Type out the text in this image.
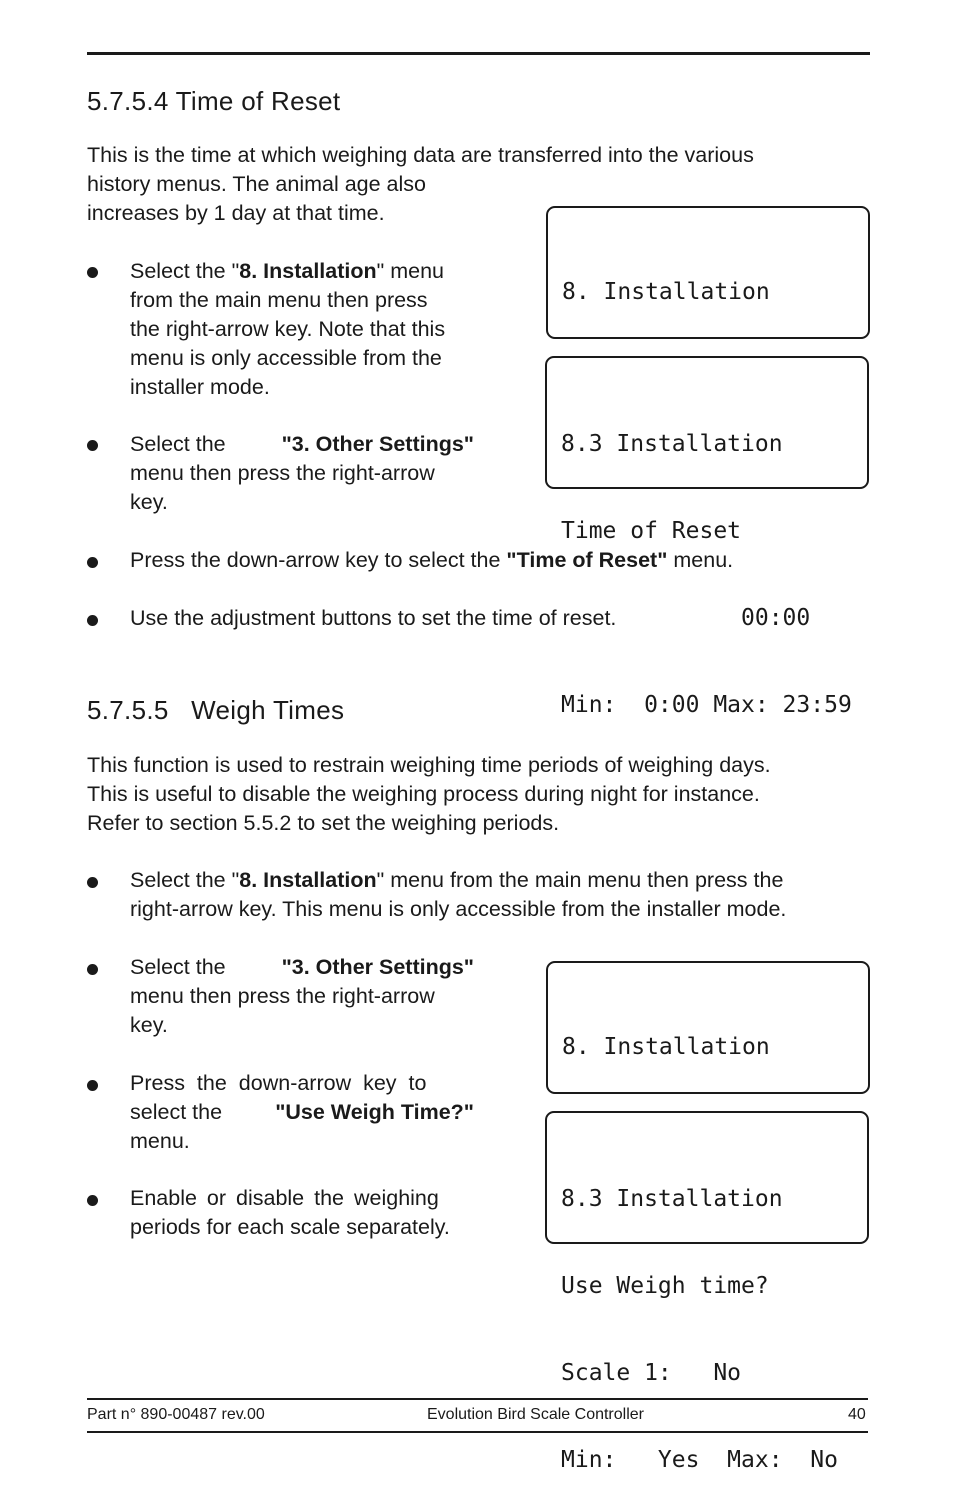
5.7.5.4 Time of Reset
This is the time at which weighing data are transferred into the various
history menus. The animal age also
increases by 1 day at that time.
Select the "8. Installation" menu
from the main menu then press
the right-arrow key. Note that this
menu is only accessible from the
installer mode.
Select the	"3. Other Settings"
menu then press the right-arrow
key.
Press the down-arrow key to select the "Time of Reset" menu.
Use the adjustment buttons to set the time of reset.

8. Installation

8.3 Installation

Time of Reset

00:00

Min:  0:00 Max: 23:59

5.7.5.5   Weigh Times
This function is used to restrain weighing time periods of weighing days.
This is useful to disable the weighing process during night for instance.
Refer to section 5.5.2 to set the weighing periods.
Select the "8. Installation" menu from the main menu then press the
right-arrow key. This menu is only accessible from the installer mode.
Select the	"3. Other Settings"
menu then press the right-arrow
key.
Press the down-arrow key to
select the "Use Weigh Time?"
menu.
Enable or disable the weighing
periods for each scale separately.

8. Installation

8.3 Installation

Use Weigh time?

Scale 1:   No

Min:   Yes  Max:  No

Part n° 890-00487 rev.00	Evolution Bird Scale Controller	40
